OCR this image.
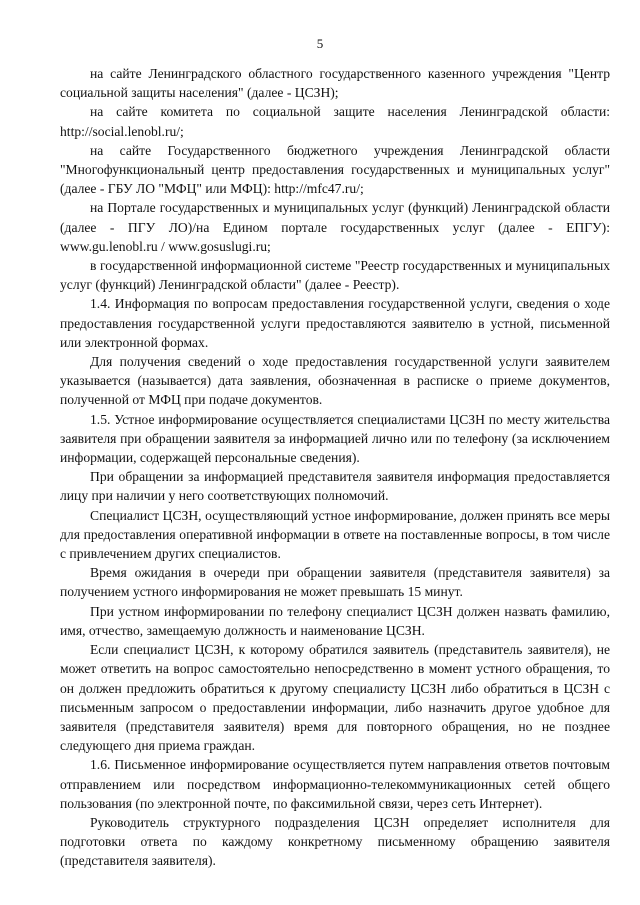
5

на сайте Ленинградского областного государственного казенного учреждения "Центр социальной защиты населения" (далее - ЦСЗН);

на сайте комитета по социальной защите населения Ленинградской области: http://social.lenobl.ru/;

на сайте Государственного бюджетного учреждения Ленинградской области "Многофункциональный центр предоставления государственных и муниципальных услуг" (далее - ГБУ ЛО "МФЦ" или МФЦ): http://mfc47.ru/;

на Портале государственных и муниципальных услуг (функций) Ленинградской области (далее - ПГУ ЛО)/на Едином портале государственных услуг (далее - ЕПГУ): www.gu.lenobl.ru / www.gosuslugi.ru;

в государственной информационной системе "Реестр государственных и муниципальных услуг (функций) Ленинградской области" (далее - Реестр).

1.4. Информация по вопросам предоставления государственной услуги, сведения о ходе предоставления государственной услуги предоставляются заявителю в устной, письменной или электронной формах.

Для получения сведений о ходе предоставления государственной услуги заявителем указывается (называется) дата заявления, обозначенная в расписке о приеме документов, полученной от МФЦ при подаче документов.

1.5. Устное информирование осуществляется специалистами ЦСЗН по месту жительства заявителя при обращении заявителя за информацией лично или по телефону (за исключением информации, содержащей персональные сведения).

При обращении за информацией представителя заявителя информация предоставляется лицу при наличии у него соответствующих полномочий.

Специалист ЦСЗН, осуществляющий устное информирование, должен принять все меры для предоставления оперативной информации в ответе на поставленные вопросы, в том числе с привлечением других специалистов.

Время ожидания в очереди при обращении заявителя (представителя заявителя) за получением устного информирования не может превышать 15 минут.

При устном информировании по телефону специалист ЦСЗН должен назвать фамилию, имя, отчество, замещаемую должность и наименование ЦСЗН.

Если специалист ЦСЗН, к которому обратился заявитель (представитель заявителя), не может ответить на вопрос самостоятельно непосредственно в момент устного обращения, то он должен предложить обратиться к другому специалисту ЦСЗН либо обратиться в ЦСЗН с письменным запросом о предоставлении информации, либо назначить другое удобное для заявителя (представителя заявителя) время для повторного обращения, но не позднее следующего дня приема граждан.

1.6. Письменное информирование осуществляется путем направления ответов почтовым отправлением или посредством информационно-телекоммуникационных сетей общего пользования (по электронной почте, по факсимильной связи, через сеть Интернет).

Руководитель структурного подразделения ЦСЗН определяет исполнителя для подготовки ответа по каждому конкретному письменному обращению заявителя (представителя заявителя).
